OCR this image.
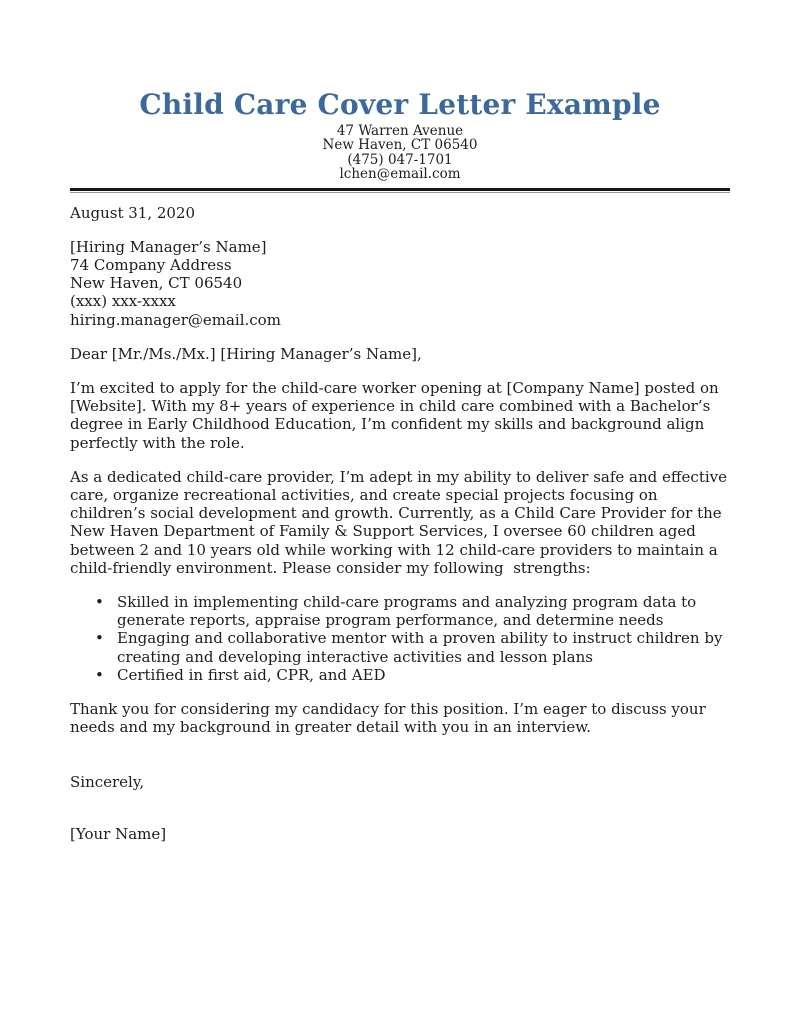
Child Care Cover Letter Example
47 Warren Avenue
New Haven, CT 06540
(475) 047-1701
lchen@email.com
August 31, 2020
[Hiring Manager’s Name]
74 Company Address
New Haven, CT 06540
(xxx) xxx-xxxx
hiring.manager@email.com
Dear [Mr./Ms./Mx.] [Hiring Manager’s Name],

I’m excited to apply for the child-care worker opening at [Company Name] posted on [Website]. With my 8+ years of experience in child care combined with a Bachelor’s degree in Early Childhood Education, I’m confident my skills and background align perfectly with the role.

As a dedicated child-care provider, I’m adept in my ability to deliver safe and effective care, organize recreational activities, and create special projects focusing on children’s social development and growth. Currently, as a Child Care Provider for the New Haven Department of Family & Support Services, I oversee 60 children aged between 2 and 10 years old while working with 12 child-care providers to maintain a child-friendly environment. Please consider my following  strengths:

• Skilled in implementing child-care programs and analyzing program data to generate reports, appraise program performance, and determine needs
• Engaging and collaborative mentor with a proven ability to instruct children by creating and developing interactive activities and lesson plans
• Certified in first aid, CPR, and AED

Thank you for considering my candidacy for this position. I’m eager to discuss your needs and my background in greater detail with you in an interview.

Sincerely,

[Your Name]
